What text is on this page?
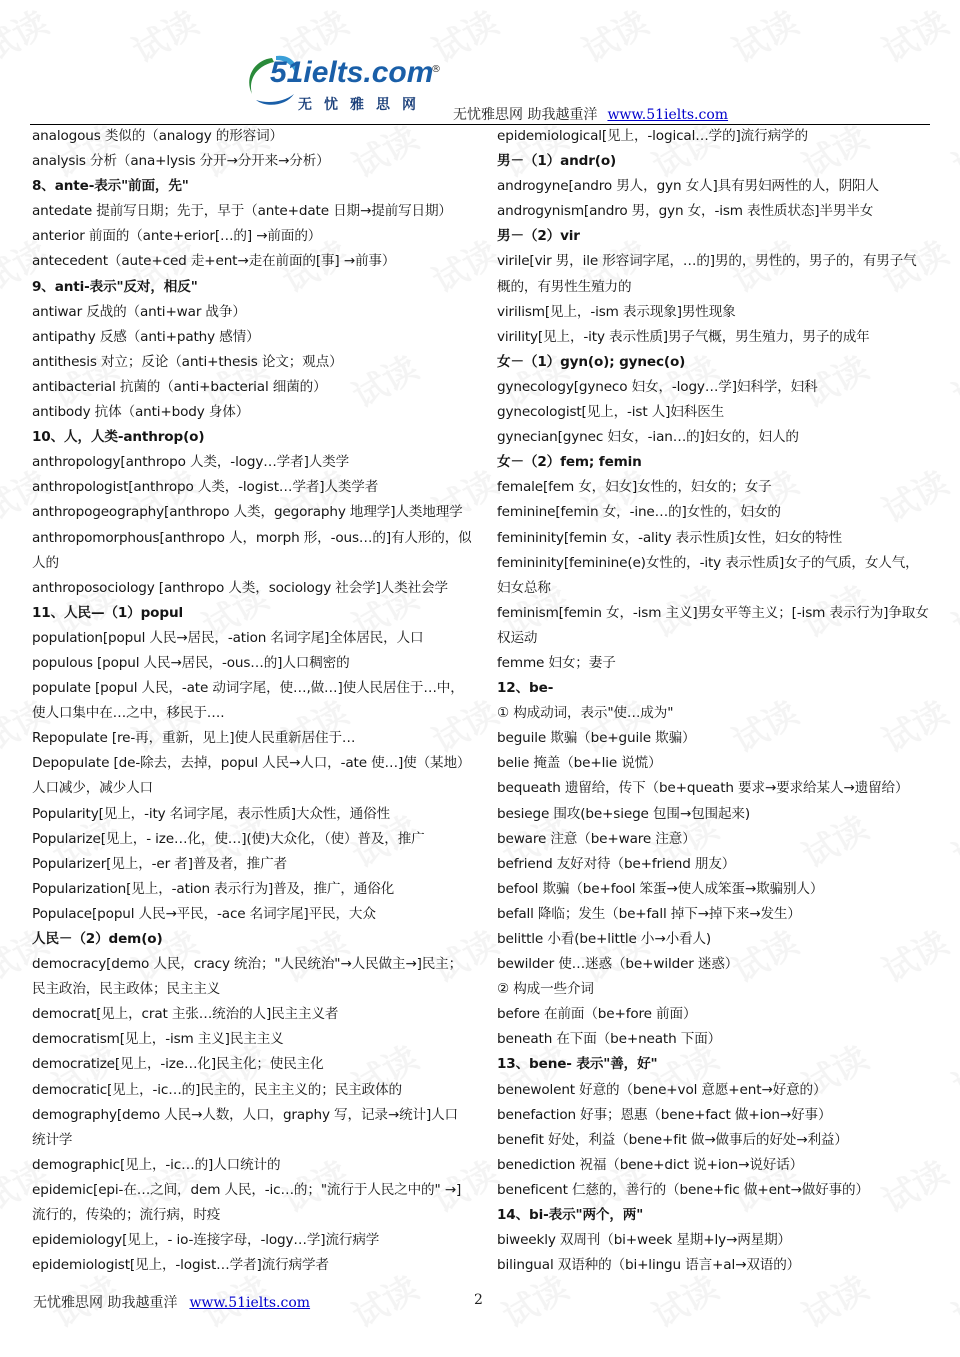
51ielts.com
®
无忧雅思网
无忧雅思网 助我越重洋 www.51ielts.com
analogous 类似的（analogy 的形容词）
analysis 分析（ana+lysis 分开→分开来→分析）
8、ante-表示"前面，先"
antedate 提前写日期；先于，早于（ante+date 日期→提前写日期）
anterior 前面的（ante+erior[…的] →前面的）
antecedent（aute+ced 走+ent→走在前面的[事] →前事）
9、anti-表示"反对，相反"
antiwar 反战的（anti+war 战争）
antipathy 反感（anti+pathy 感情）
antithesis 对立；反论（anti+thesis 论文；观点）
antibacterial 抗菌的（anti+bacterial 细菌的）
antibody 抗体（anti+body 身体）
10、人，人类-anthrop(o)
anthropology[anthropo 人类，-logy…学者]人类学
anthropologist[anthropo 人类，-logist…学者]人类学者
anthropogeography[anthropo 人类，gegoraphy 地理学]人类地理学
anthropomorphous[anthropo 人，morph 形，-ous…的]有人形的，似
人的
anthroposociology [anthropo 人类，sociology 社会学]人类社会学
11、人民—（1）popul
population[popul 人民→居民，-ation 名词字尾]全体居民，人口
populous [popul 人民→居民，-ous…的]人口稠密的
populate [popul 人民，-ate 动词字尾，使…,做…]使人民居住于…中，
使人口集中在…之中，移民于….
Repopulate [re-再，重新，见上]使人民重新居住于…
Depopulate [de-除去，去掉，popul 人民→人口，-ate 使…]使（某地）
人口减少，减少人口
Popularity[见上，-ity 名词字尾，表示性质]大众性，通俗性
Popularize[见上，- ize…化，使…](使)大众化，（使）普及，推广
Popularizer[见上，-er 者]普及者，推广者
Popularization[见上，-ation 表示行为]普及，推广，通俗化
Populace[popul 人民→平民，-ace 名词字尾]平民，大众
人民－（2）dem(o)
democracy[demo 人民，cracy 统治；"人民统治"→人民做主→]民主；
民主政治，民主政体；民主主义
democrat[见上，crat 主张…统治的人]民主主义者
democratism[见上，-ism 主义]民主主义
democratize[见上，-ize…化]民主化；使民主化
democratic[见上，-ic…的]民主的，民主主义的；民主政体的
demography[demo 人民→人数，人口，graphy 写，记录→统计]人口
统计学
demographic[见上，-ic…的]人口统计的
epidemic[epi-在…之间，dem 人民，-ic…的；"流行于人民之中的" →]
流行的，传染的；流行病，时疫
epidemiology[见上，- io-连接字母，-logy…学]流行病学
epidemiologist[见上，-logist…学者]流行病学者
epidemiological[见上，-logical…学的]流行病学的
男－（1）andr(o)
androgyne[andro 男人，gyn 女人]具有男妇两性的人，阴阳人
androgynism[andro 男，gyn 女，-ism 表性质状态]半男半女
男－（2）vir
virile[vir 男，ile 形容词字尾，…的]男的，男性的，男子的，有男子气
概的，有男性生殖力的
virilism[见上，-ism 表示现象]男性现象
virility[见上，-ity 表示性质]男子气概，男生殖力，男子的成年
女－（1）gyn(o); gynec(o)
gynecology[gyneco 妇女，-logy…学]妇科学，妇科
gynecologist[见上，-ist 人]妇科医生
gynecian[gynec 妇女，-ian…的]妇女的，妇人的
女－（2）fem; femin
female[fem 女，妇女]女性的，妇女的；女子
feminine[femin 女，-ine…的]女性的，妇女的
femininity[femin 女，-ality 表示性质]女性，妇女的特性
femininity[feminine(e)女性的，-ity 表示性质]女子的气质，女人气，
妇女总称
feminism[femin 女，-ism 主义]男女平等主义；[-ism 表示行为]争取女
权运动
femme 妇女；妻子
12、be-
① 构成动词，表示"使…成为"
beguile 欺骗（be+guile 欺骗）
belie 掩盖（be+lie 说慌）
bequeath 遗留给，传下（be+queath 要求→要求给某人→遗留给）
besiege 围攻(be+siege 包围→包围起来)
beware 注意（be+ware 注意）
befriend 友好对待（be+friend 朋友）
befool 欺骗（be+fool 笨蛋→使人成笨蛋→欺骗别人）
befall 降临；发生（be+fall 掉下→掉下来→发生）
belittle 小看(be+little 小→小看人)
bewilder 使…迷惑（be+wilder 迷惑）
② 构成一些介词
before 在前面（be+fore 前面）
beneath 在下面（be+neath 下面）
13、bene- 表示"善，好"
benewolent 好意的（bene+vol 意愿+ent→好意的）
benefaction 好事；恩惠（bene+fact 做+ion→好事）
benefit 好处，利益（bene+fit 做→做事后的好处→利益）
benediction 祝福（bene+dict 说+ion→说好话）
beneficent 仁慈的，善行的（bene+fic 做+ent→做好事的）
14、bi-表示"两个，两"
biweekly 双周刊（bi+week 星期+ly→两星期）
bilingual 双语种的（bi+lingu 语言+al→双语的）
无忧雅思网 助我越重洋 www.51ielts.com	2
